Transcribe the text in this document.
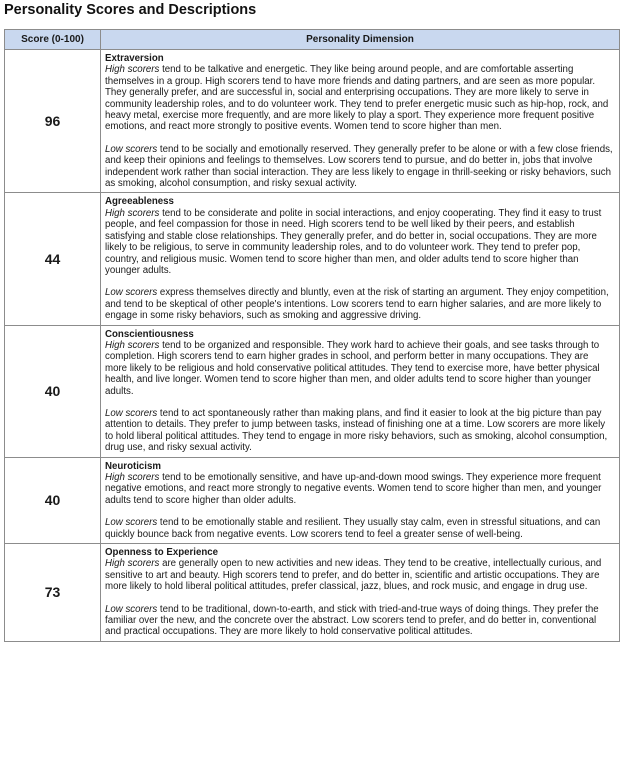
Personality Scores and Descriptions
Score (0-100)	Personality Dimension
96	Extraversion

High scorers tend to be talkative and energetic. They like being around people, and are comfortable asserting themselves in a group. High scorers tend to have more friends and dating partners, and are seen as more popular. They generally prefer, and are successful in, social and enterprising occupations. They are more likely to serve in community leadership roles, and to do volunteer work. They tend to prefer energetic music such as hip-hop, rock, and heavy metal, exercise more frequently, and are more likely to play a sport. They experience more frequent positive emotions, and react more strongly to positive events. Women tend to score higher than men.

Low scorers tend to be socially and emotionally reserved. They generally prefer to be alone or with a few close friends, and keep their opinions and feelings to themselves. Low scorers tend to pursue, and do better in, jobs that involve independent work rather than social interaction. They are less likely to engage in thrill-seeking or risky behaviors, such as smoking, alcohol consumption, and risky sexual activity.

44	Agreeableness

High scorers tend to be considerate and polite in social interactions, and enjoy cooperating. They find it easy to trust people, and feel compassion for those in need. High scorers tend to be well liked by their peers, and establish satisfying and stable close relationships. They generally prefer, and do better in, social occupations. They are more likely to be religious, to serve in community leadership roles, and to do volunteer work. They tend to prefer pop, country, and religious music. Women tend to score higher than men, and older adults tend to score higher than younger adults.

Low scorers express themselves directly and bluntly, even at the risk of starting an argument. They enjoy competition, and tend to be skeptical of other people's intentions. Low scorers tend to earn higher salaries, and are more likely to engage in some risky behaviors, such as smoking and aggressive driving.

40	Conscientiousness

High scorers tend to be organized and responsible. They work hard to achieve their goals, and see tasks through to completion. High scorers tend to earn higher grades in school, and perform better in many occupations. They are more likely to be religious and hold conservative political attitudes. They tend to exercise more, have better physical health, and live longer. Women tend to score higher than men, and older adults tend to score higher than younger adults.

Low scorers tend to act spontaneously rather than making plans, and find it easier to look at the big picture than pay attention to details. They prefer to jump between tasks, instead of finishing one at a time. Low scorers are more likely to hold liberal political attitudes. They tend to engage in more risky behaviors, such as smoking, alcohol consumption, drug use, and risky sexual activity.

40	Neuroticism

High scorers tend to be emotionally sensitive, and have up-and-down mood swings. They experience more frequent negative emotions, and react more strongly to negative events. Women tend to score higher than men, and younger adults tend to score higher than older adults.

Low scorers tend to be emotionally stable and resilient. They usually stay calm, even in stressful situations, and can quickly bounce back from negative events. Low scorers tend to feel a greater sense of well-being.

73	Openness to Experience

High scorers are generally open to new activities and new ideas. They tend to be creative, intellectually curious, and sensitive to art and beauty. High scorers tend to prefer, and do better in, scientific and artistic occupations. They are more likely to hold liberal political attitudes, prefer classical, jazz, blues, and rock music, and engage in drug use.

Low scorers tend to be traditional, down-to-earth, and stick with tried-and-true ways of doing things. They prefer the familiar over the new, and the concrete over the abstract. Low scorers tend to prefer, and do better in, conventional and practical occupations. They are more likely to hold conservative political attitudes.
